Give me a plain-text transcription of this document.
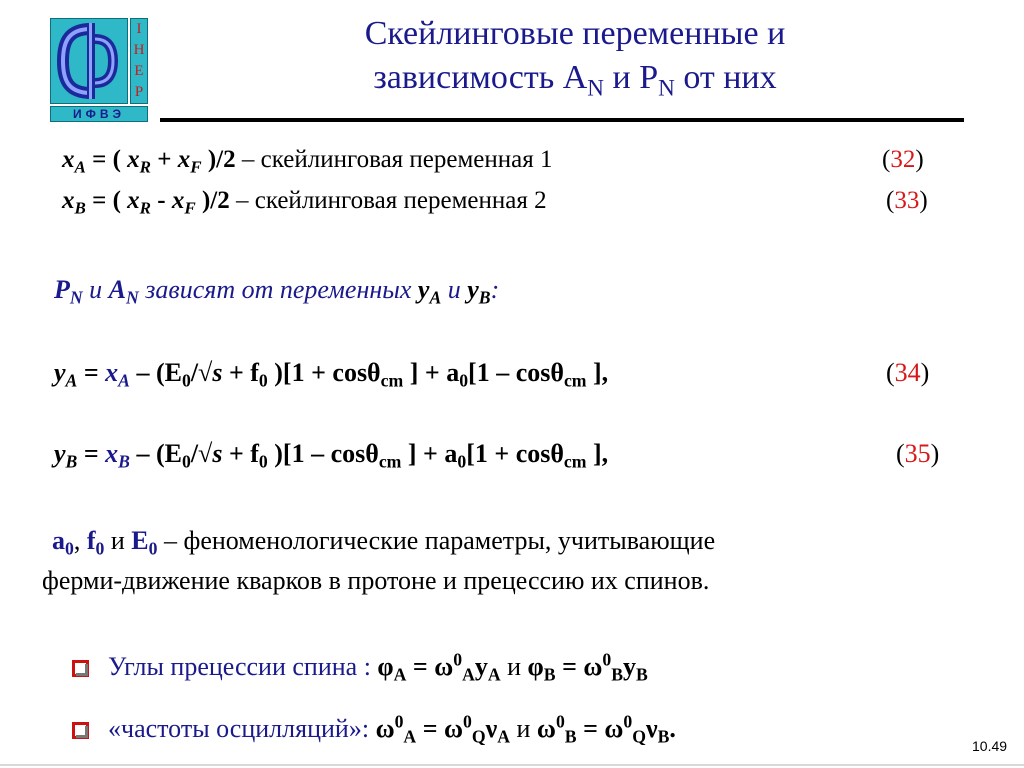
I
Н
Е
Р
ИФВЭ
Скейлинговые переменные и
зависимость $A_N$ и $P_N$ от них
$x_A$ = ( $x_R + x_F$ )/2 – скейлинговая переменная 1	(32)
$x_B$ = ( $x_R - x_F$ )/2 – скейлинговая переменная 2	(33)
$P_N$ и $A_N$ зависят от переменных $y_A$ и $y_B$:
$y_A = x_A - (E_0/√s + f_0$ )[1 + cosθ$_{cm}$ ] + $a_0[1 - \cos\theta_{cm}$ ],	(34)
$y_B = x_B - (E_0/√s + f_0$ )[1 – cosθ$_{cm}$ ] + $a_0[1 + \cos\theta_{cm}$ ],	(35)
$a_0$, $f_0$ и $E_0$ – феноменологические параметры, учитывающие
ферми-движение кварков в протоне и прецессию их спинов.
Углы прецессии спина : $\varphi_A = \omega^0_Ay_A$ и $\varphi_B = \omega^0_By_B$
«частоты осцилляций»: $\omega^0_A = \omega^0_Q\nu_A$ и $\omega^0_B = \omega^0_Q\nu_B$.
10.49
